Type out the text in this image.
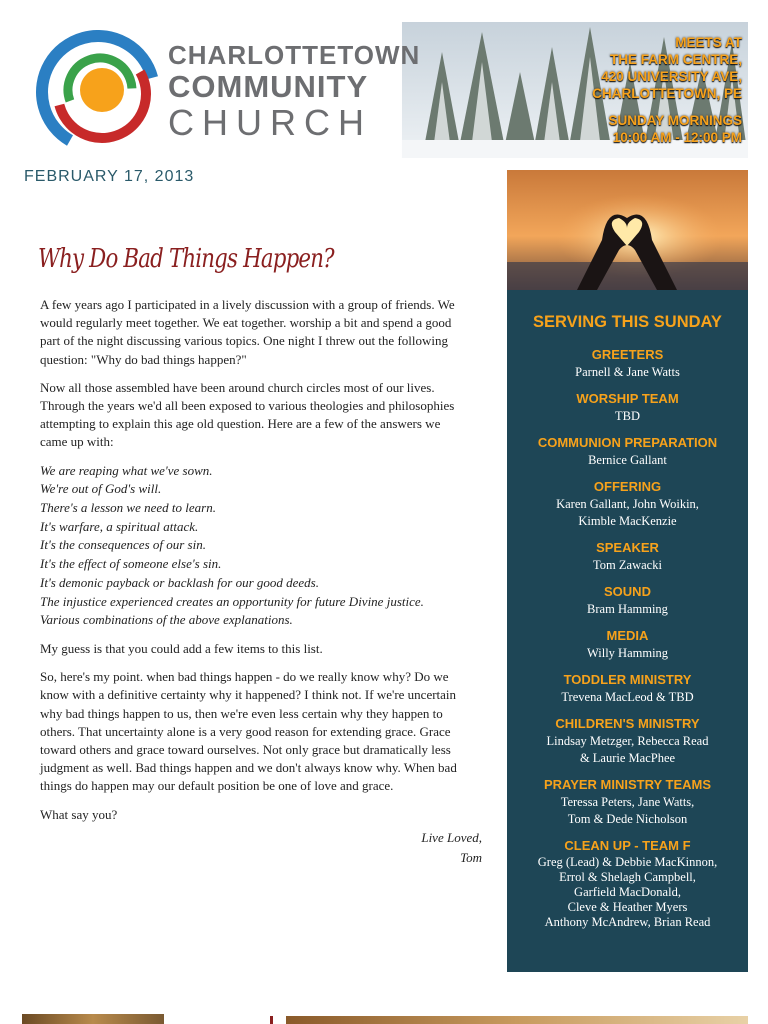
CHARLOTTETOWN
COMMUNITY
CHURCH
MEETS AT
THE FARM CENTRE,
420 UNIVERSITY AVE,
CHARLOTTETOWN, PE
SUNDAY MORNINGS
10:00 AM - 12:00 PM
FEBRUARY 17, 2013
Why Do Bad Things Happen?

A few years ago I participated in a lively discussion with a group of friends. We would regularly meet together. We eat together. worship a bit and spend a good part of the night discussing various topics. One night I threw out the following question: "Why do bad things happen?"

Now all those assembled have been around church circles most of our lives. Through the years we'd all been exposed to various theologies and philosophies attempting to explain this age old question. Here are a few of the answers we came up with:

We are reaping what we've sown.
We're out of God's will.
There's a lesson we need to learn.
It's warfare, a spiritual attack.
It's the consequences of our sin.
It's the effect of someone else's sin.
It's demonic payback or backlash for our good deeds.
The injustice experienced creates an opportunity for future Divine justice.
Various combinations of the above explanations.

My guess is that you could add a few items to this list.

So, here's my point. when bad things happen - do we really know why? Do we know with a definitive certainty why it happened? I think not. If we're uncertain why bad things happen to us, then we're even less certain why they happen to others. That uncertainty alone is a very good reason for extending grace. Grace toward others and grace toward ourselves. Not only grace but dramatically less judgment as well. Bad things happen and we don't always know why. When bad things do happen may our default position be one of love and grace.

What say you?

Live Loved,
Tom
SERVING THIS SUNDAY
GREETERS
Parnell & Jane Watts
WORSHIP TEAM
TBD
COMMUNION PREPARATION
Bernice Gallant
OFFERING
Karen Gallant, John Woikin,
Kimble MacKenzie
SPEAKER
Tom Zawacki
SOUND
Bram Hamming
MEDIA
Willy Hamming
TODDLER MINISTRY
Trevena MacLeod & TBD
CHILDREN'S MINISTRY
Lindsay Metzger, Rebecca Read
& Laurie MacPhee
PRAYER MINISTRY TEAMS
Teressa Peters, Jane Watts,
Tom & Dede Nicholson
CLEAN UP - TEAM F
Greg (Lead) & Debbie MacKinnon,
Errol & Shelagh Campbell,
Garfield MacDonald,
Cleve & Heather Myers
Anthony McAndrew, Brian Read
